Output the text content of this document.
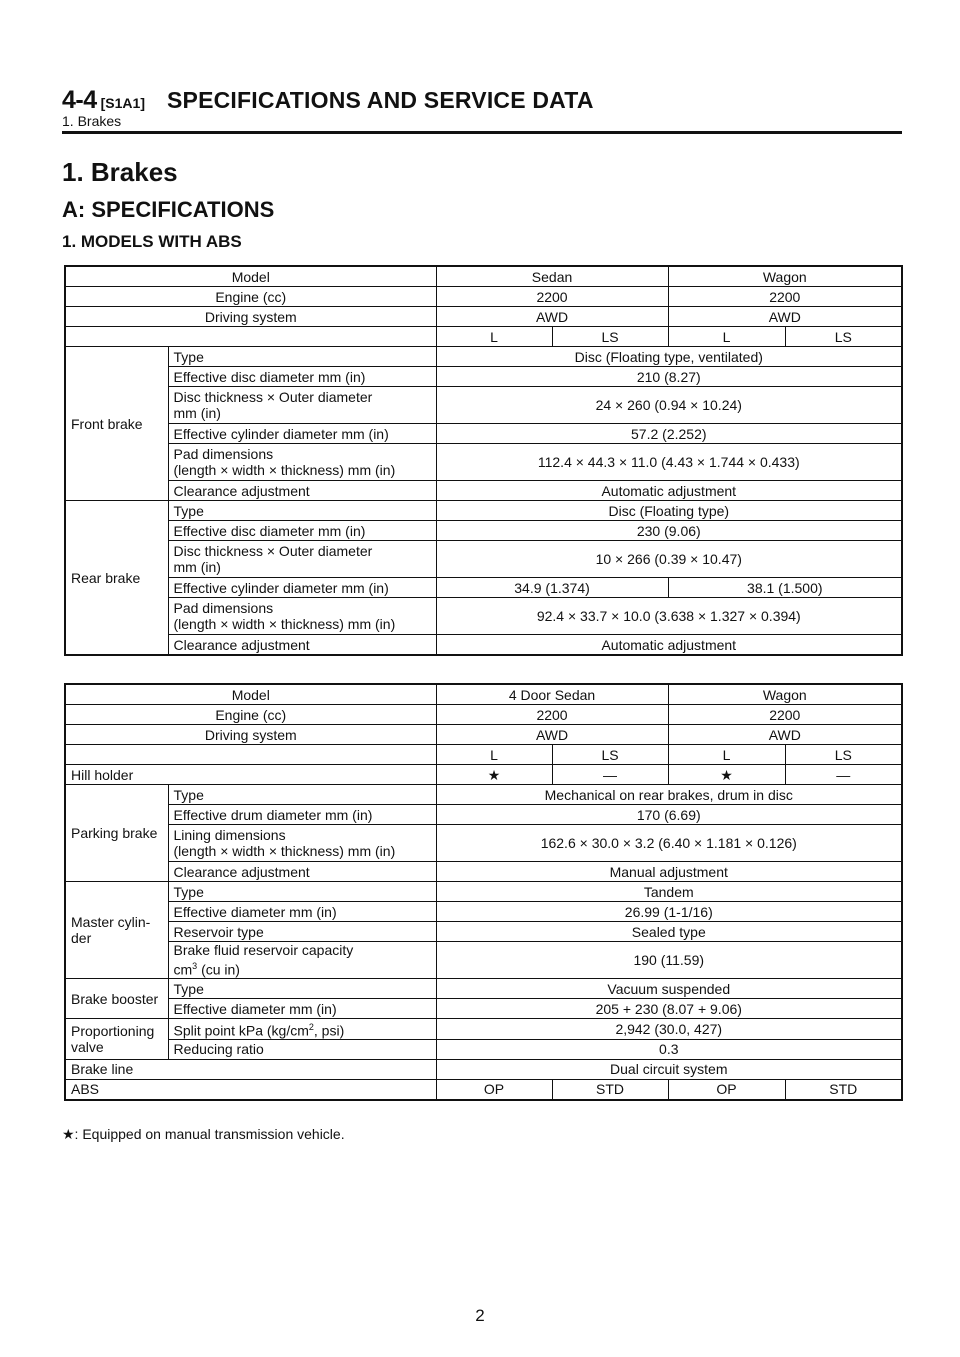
4-4 [S1A1] SPECIFICATIONS AND SERVICE DATA
1. Brakes
1. Brakes
A: SPECIFICATIONS
1. MODELS WITH ABS
Model		Sedan		Wagon	
Engine (cc)		2200		2200	
Driving system		AWD		AWD	
		L	LS	L	LS
Front brake	Type	Disc (Floating type, ventilated)			
	Effective disc diameter mm (in)	210 (8.27)			
	Disc thickness × Outer diameter
mm (in)	24 × 260 (0.94 × 10.24)			
	Effective cylinder diameter mm (in)	57.2 (2.252)			
	Pad dimensions
(length × width × thickness) mm (in)	112.4 × 44.3 × 11.0 (4.43 × 1.744 × 0.433)			
	Clearance adjustment	Automatic adjustment			
Rear brake	Type	Disc (Floating type)			
	Effective disc diameter mm (in)	230 (9.06)			
	Disc thickness × Outer diameter
mm (in)	10 × 266 (0.39 × 10.47)			
	Effective cylinder diameter mm (in)	34.9 (1.374)		38.1 (1.500)	
	Pad dimensions
(length × width × thickness) mm (in)	92.4 × 33.7 × 10.0 (3.638 × 1.327 × 0.394)			
	Clearance adjustment	Automatic adjustment			
Model		4 Door Sedan		Wagon	
Engine (cc)		2200		2200	
Driving system		AWD		AWD	
		L	LS	L	LS
Hill holder		★	—	★	—
Parking brake	Type	Mechanical on rear brakes, drum in disc			
	Effective drum diameter mm (in)	170 (6.69)			
	Lining dimensions
(length × width × thickness) mm (in)	162.6 × 30.0 × 3.2 (6.40 × 1.181 × 0.126)			
	Clearance adjustment	Manual adjustment			
Master cylin-
der	Type	Tandem			
	Effective diameter mm (in)	26.99 (1-1/16)			
	Reservoir type	Sealed type			
	Brake fluid reservoir capacity
$cm^3$ (cu in)	190 (11.59)			
Brake booster	Type	Vacuum suspended			
	Effective diameter mm (in)	205 + 230 (8.07 + 9.06)			
Proportioning
valve	Split point kPa ($kg/cm^2$, psi)	2,942 (30.0, 427)			
	Reducing ratio	0.3			
Brake line		Dual circuit system			
ABS		OP	STD	OP	STD
★: Equipped on manual transmission vehicle.
2
